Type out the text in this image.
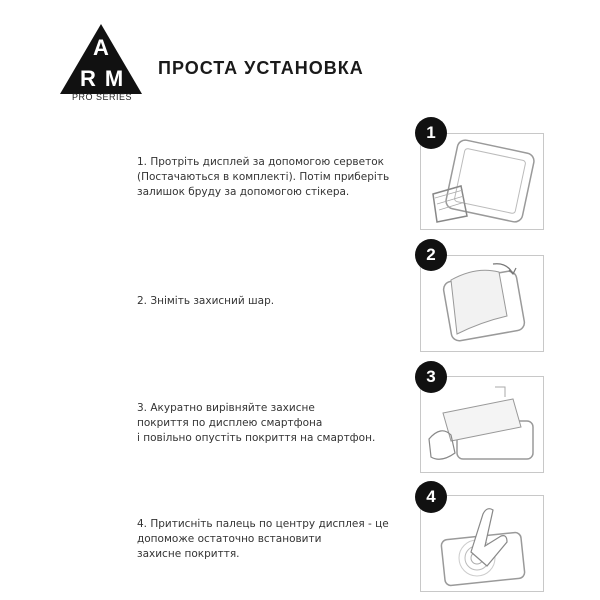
A
R M
PRO SERIES
ПРОСТА УСТАНОВКА
1. Протріть дисплей за допомогою серветок
(Постачаються в комплекті). Потім приберіть
залишок бруду за допомогою стікера.
1
2. Зніміть захисний шар.
2
3. Акуратно вирівняйте захисне
покриття по дисплею смартфона
і повільно опустіть покриття на смартфон.
3
4. Притисніть палець по центру дисплея - це
допоможе остаточно встановити
захисне покриття.
4
